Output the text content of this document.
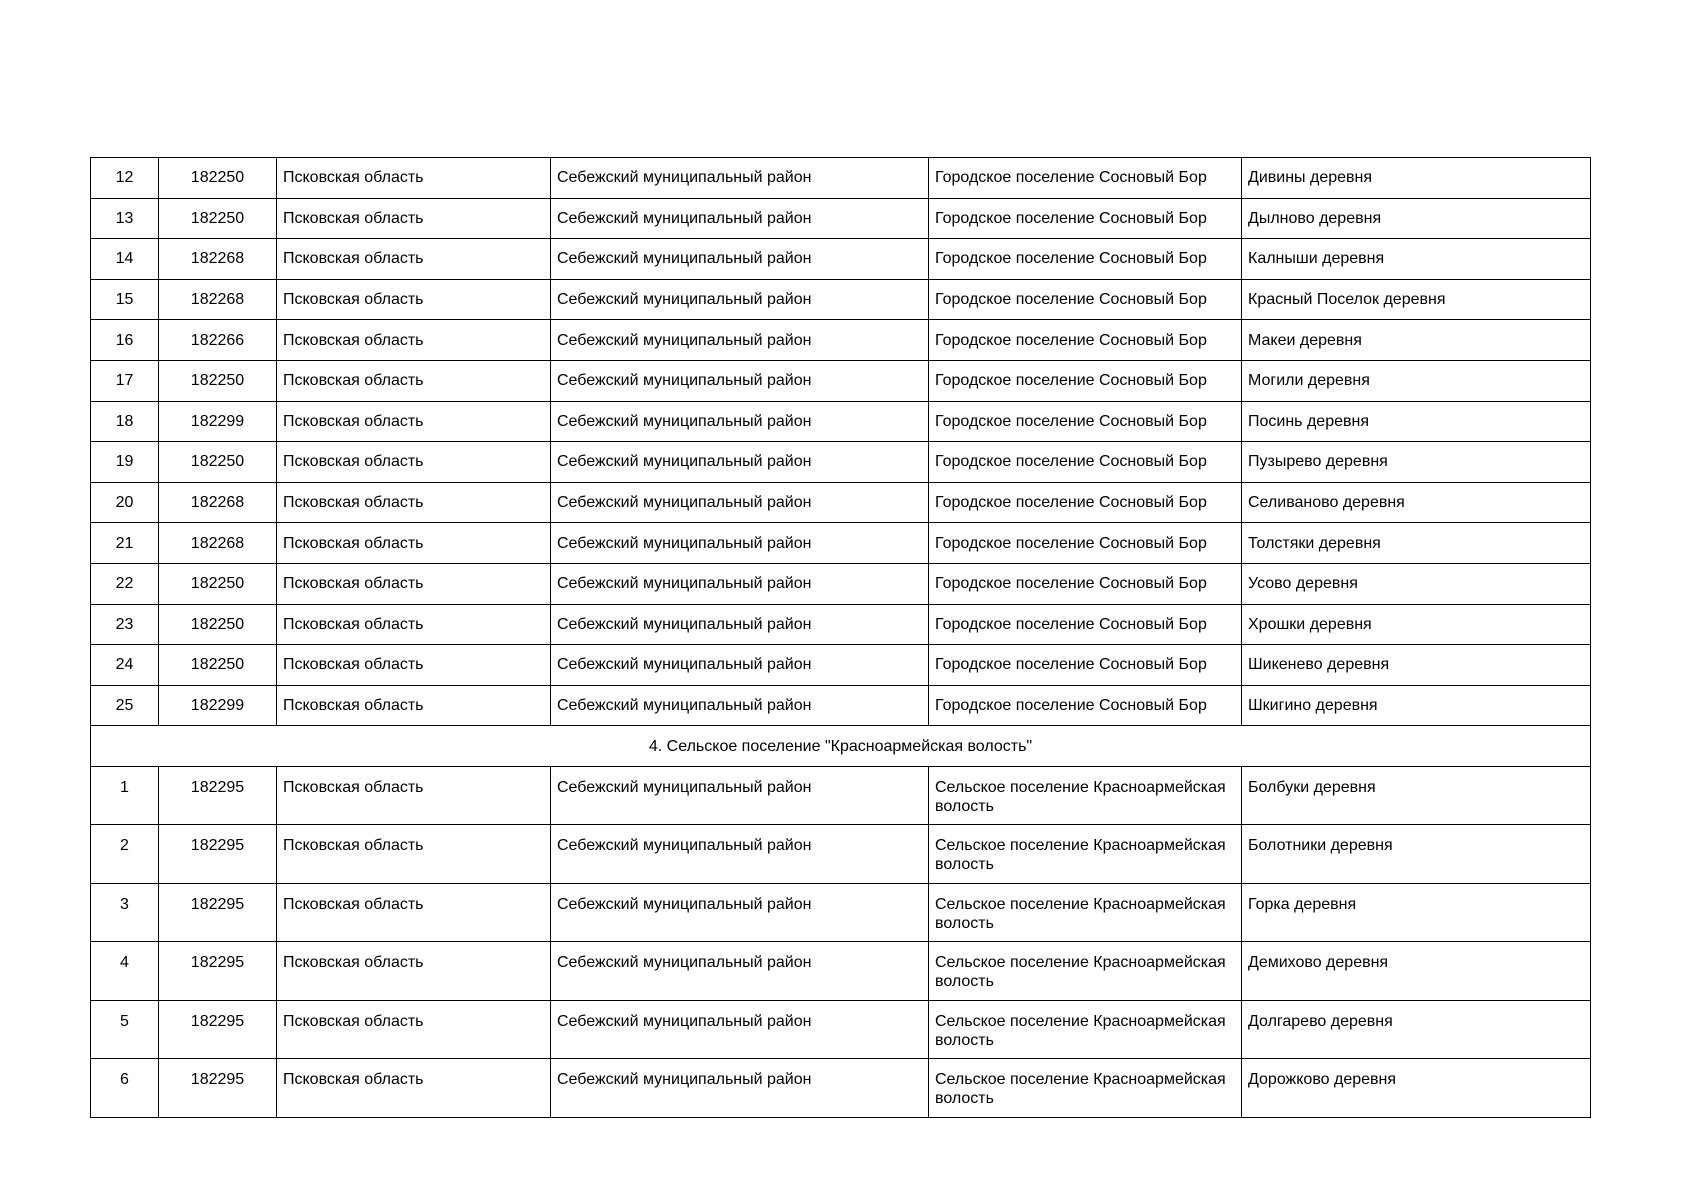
12	182250	Псковская область	Себежский муниципальный район	Городское поселение Сосновый Бор	Дивины деревня
13	182250	Псковская область	Себежский муниципальный район	Городское поселение Сосновый Бор	Дылново деревня
14	182268	Псковская область	Себежский муниципальный район	Городское поселение Сосновый Бор	Калныши деревня
15	182268	Псковская область	Себежский муниципальный район	Городское поселение Сосновый Бор	Красный Поселок деревня
16	182266	Псковская область	Себежский муниципальный район	Городское поселение Сосновый Бор	Макеи деревня
17	182250	Псковская область	Себежский муниципальный район	Городское поселение Сосновый Бор	Могили деревня
18	182299	Псковская область	Себежский муниципальный район	Городское поселение Сосновый Бор	Посинь деревня
19	182250	Псковская область	Себежский муниципальный район	Городское поселение Сосновый Бор	Пузырево деревня
20	182268	Псковская область	Себежский муниципальный район	Городское поселение Сосновый Бор	Селиваново деревня
21	182268	Псковская область	Себежский муниципальный район	Городское поселение Сосновый Бор	Толстяки деревня
22	182250	Псковская область	Себежский муниципальный район	Городское поселение Сосновый Бор	Усово деревня
23	182250	Псковская область	Себежский муниципальный район	Городское поселение Сосновый Бор	Хрошки деревня
24	182250	Псковская область	Себежский муниципальный район	Городское поселение Сосновый Бор	Шикенево деревня
25	182299	Псковская область	Себежский муниципальный район	Городское поселение Сосновый Бор	Шкигино деревня
4. Сельское поселение "Красноармейская волость"					
1	182295	Псковская область	Себежский муниципальный район	Сельское поселение Красноармейская волость	Болбуки деревня
2	182295	Псковская область	Себежский муниципальный район	Сельское поселение Красноармейская волость	Болотники деревня
3	182295	Псковская область	Себежский муниципальный район	Сельское поселение Красноармейская волость	Горка деревня
4	182295	Псковская область	Себежский муниципальный район	Сельское поселение Красноармейская волость	Демихово деревня
5	182295	Псковская область	Себежский муниципальный район	Сельское поселение Красноармейская волость	Долгарево деревня
6	182295	Псковская область	Себежский муниципальный район	Сельское поселение Красноармейская волость	Дорожково деревня
